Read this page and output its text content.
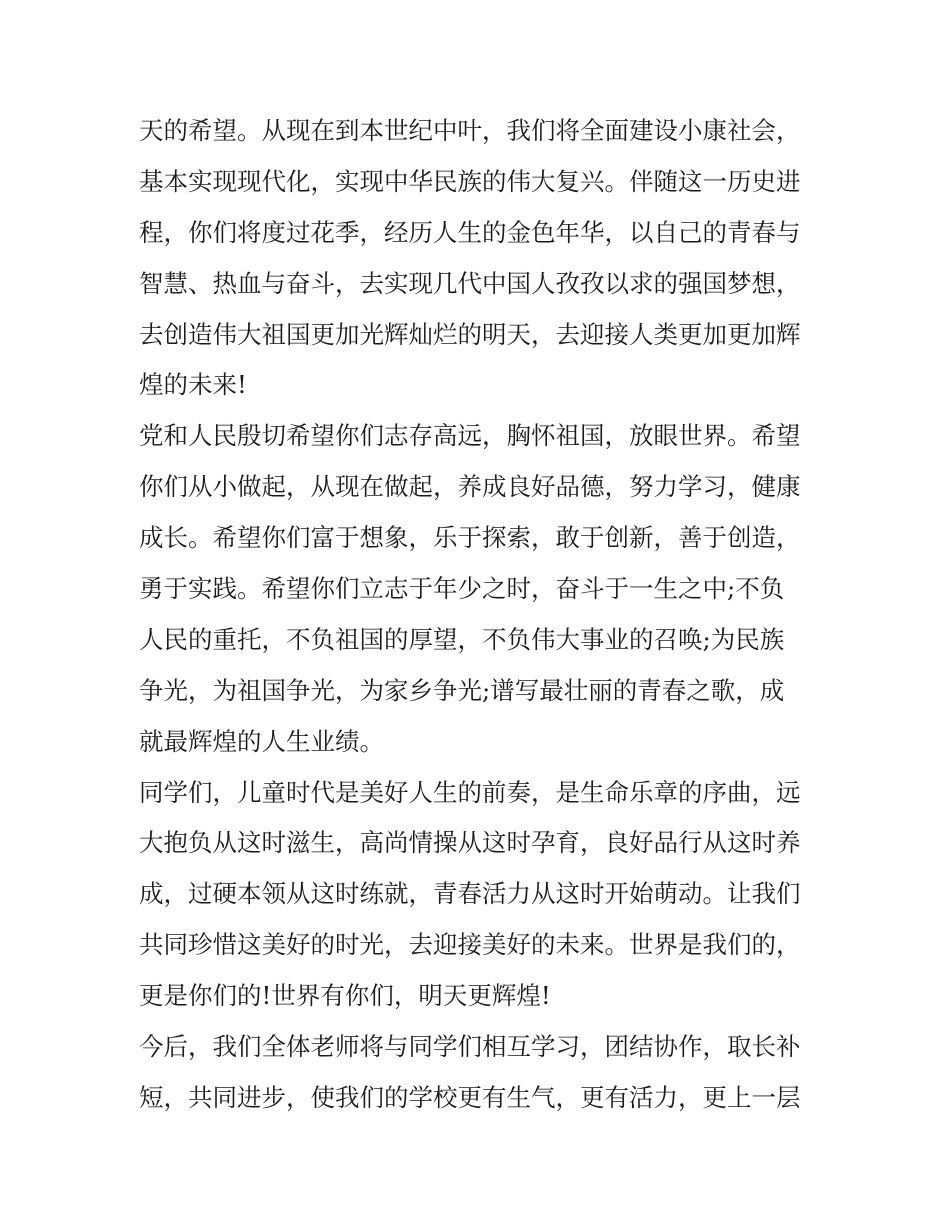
天的希望。从现在到本世纪中叶，我们将全面建设小康社会，
基本实现现代化，实现中华民族的伟大复兴。伴随这一历史进
程，你们将度过花季，经历人生的金色年华，以自己的青春与
智慧、热血与奋斗，去实现几代中国人孜孜以求的强国梦想，
去创造伟大祖国更加光辉灿烂的明天，去迎接人类更加更加辉
煌的未来!
党和人民殷切希望你们志存高远，胸怀祖国，放眼世界。希望
你们从小做起，从现在做起，养成良好品德，努力学习，健康
成长。希望你们富于想象，乐于探索，敢于创新，善于创造，
勇于实践。希望你们立志于年少之时，奋斗于一生之中;不负
人民的重托，不负祖国的厚望，不负伟大事业的召唤;为民族
争光，为祖国争光，为家乡争光;谱写最壮丽的青春之歌，成
就最辉煌的人生业绩。
同学们，儿童时代是美好人生的前奏，是生命乐章的序曲，远
大抱负从这时滋生，高尚情操从这时孕育，良好品行从这时养
成，过硬本领从这时练就，青春活力从这时开始萌动。让我们
共同珍惜这美好的时光，去迎接美好的未来。世界是我们的，
更是你们的!世界有你们，明天更辉煌!
今后，我们全体老师将与同学们相互学习，团结协作，取长补
短，共同进步，使我们的学校更有生气，更有活力，更上一层
